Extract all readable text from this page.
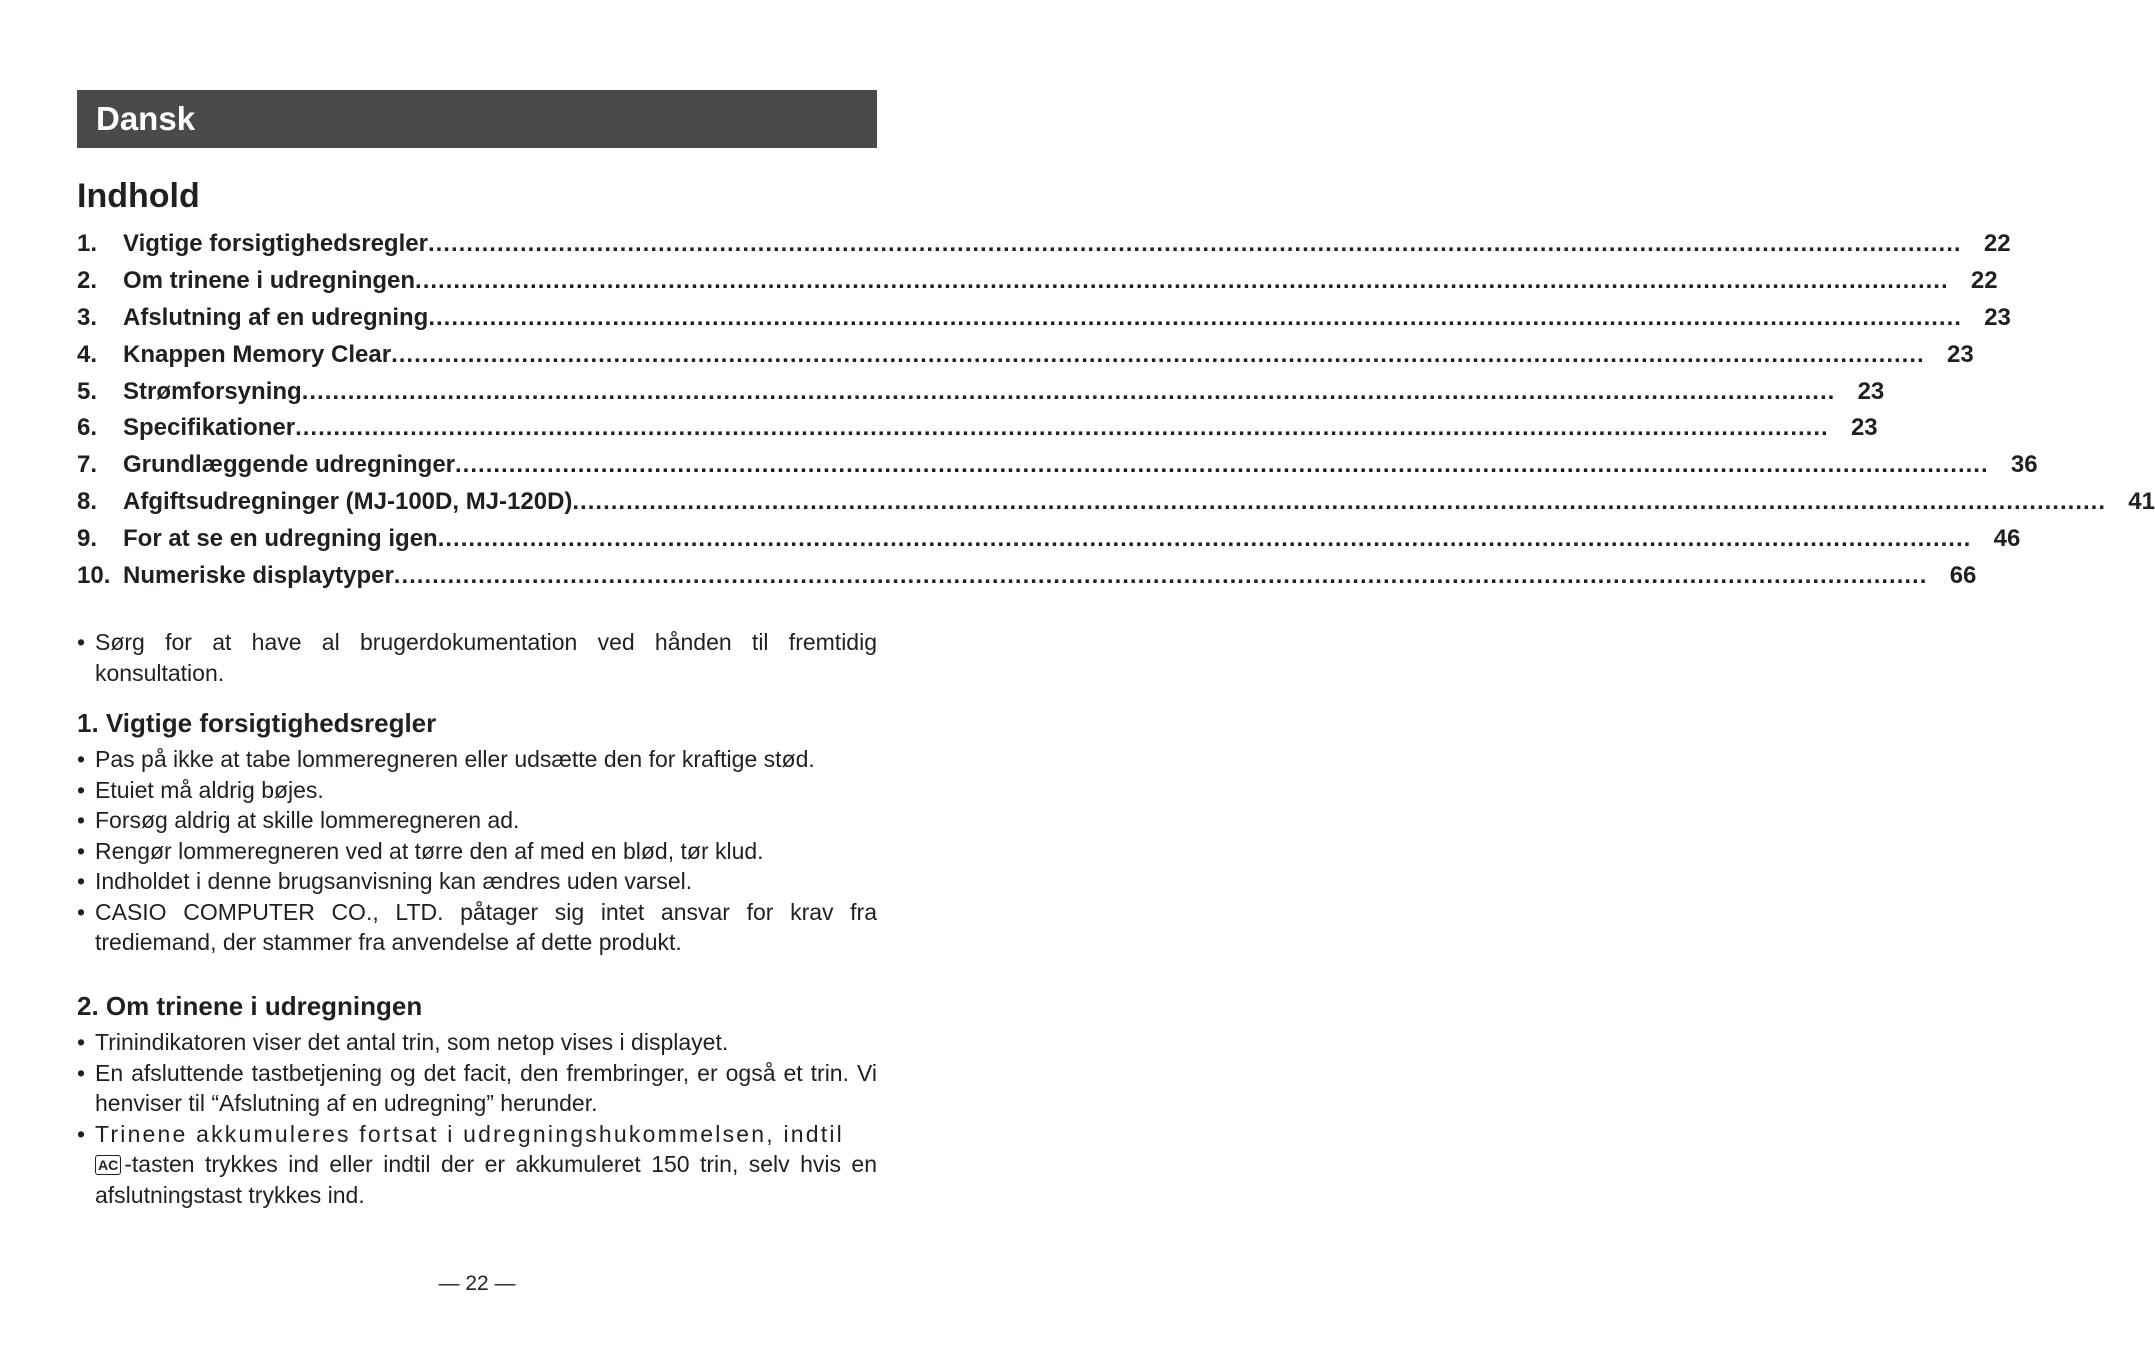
Dansk
Indhold
1.	Vigtige forsigtighedsregler ........................................................................................................................................................................................................ 22
2.	Om trinene i udregningen ........................................................................................................................................................................................................ 22
3.	Afslutning af en udregning ........................................................................................................................................................................................................ 23
4.	Knappen Memory Clear ........................................................................................................................................................................................................ 23
5.	Strømforsyning ........................................................................................................................................................................................................ 23
6.	Specifikationer ........................................................................................................................................................................................................ 23
7.	Grundlæggende udregninger ........................................................................................................................................................................................................ 36
8.	Afgiftsudregninger (MJ-100D, MJ-120D) ........................................................................................................................................................................................................ 41
9.	For at se en udregning igen ........................................................................................................................................................................................................ 46
10. Numeriske displaytyper ........................................................................................................................................................................................................ 66
• Sørg for at have al brugerdokumentation ved hånden til fremtidig konsultation.
1. Vigtige forsigtighedsregler
• Pas på ikke at tabe lommeregneren eller udsætte den for kraftige stød.
• Etuiet må aldrig bøjes.
• Forsøg aldrig at skille lommeregneren ad.
• Rengør lommeregneren ved at tørre den af med en blød, tør klud.
• Indholdet i denne brugsanvisning kan ændres uden varsel.
• CASIO COMPUTER CO., LTD. påtager sig intet ansvar for krav fra trediemand, der stammer fra anvendelse af dette produkt.
2. Om trinene i udregningen
• Trinindikatoren viser det antal trin, som netop vises i displayet.
• En afsluttende tastbetjening og det facit, den frembringer, er også et trin. Vi henviser til “Afslutning af en udregning” herunder.
• Trinene akkumuleres fortsat i udregningshukommelsen, indtil
AC -tasten trykkes ind eller indtil der er akkumuleret 150 trin, selv hvis en afslutningstast trykkes ind.
— 22 —
